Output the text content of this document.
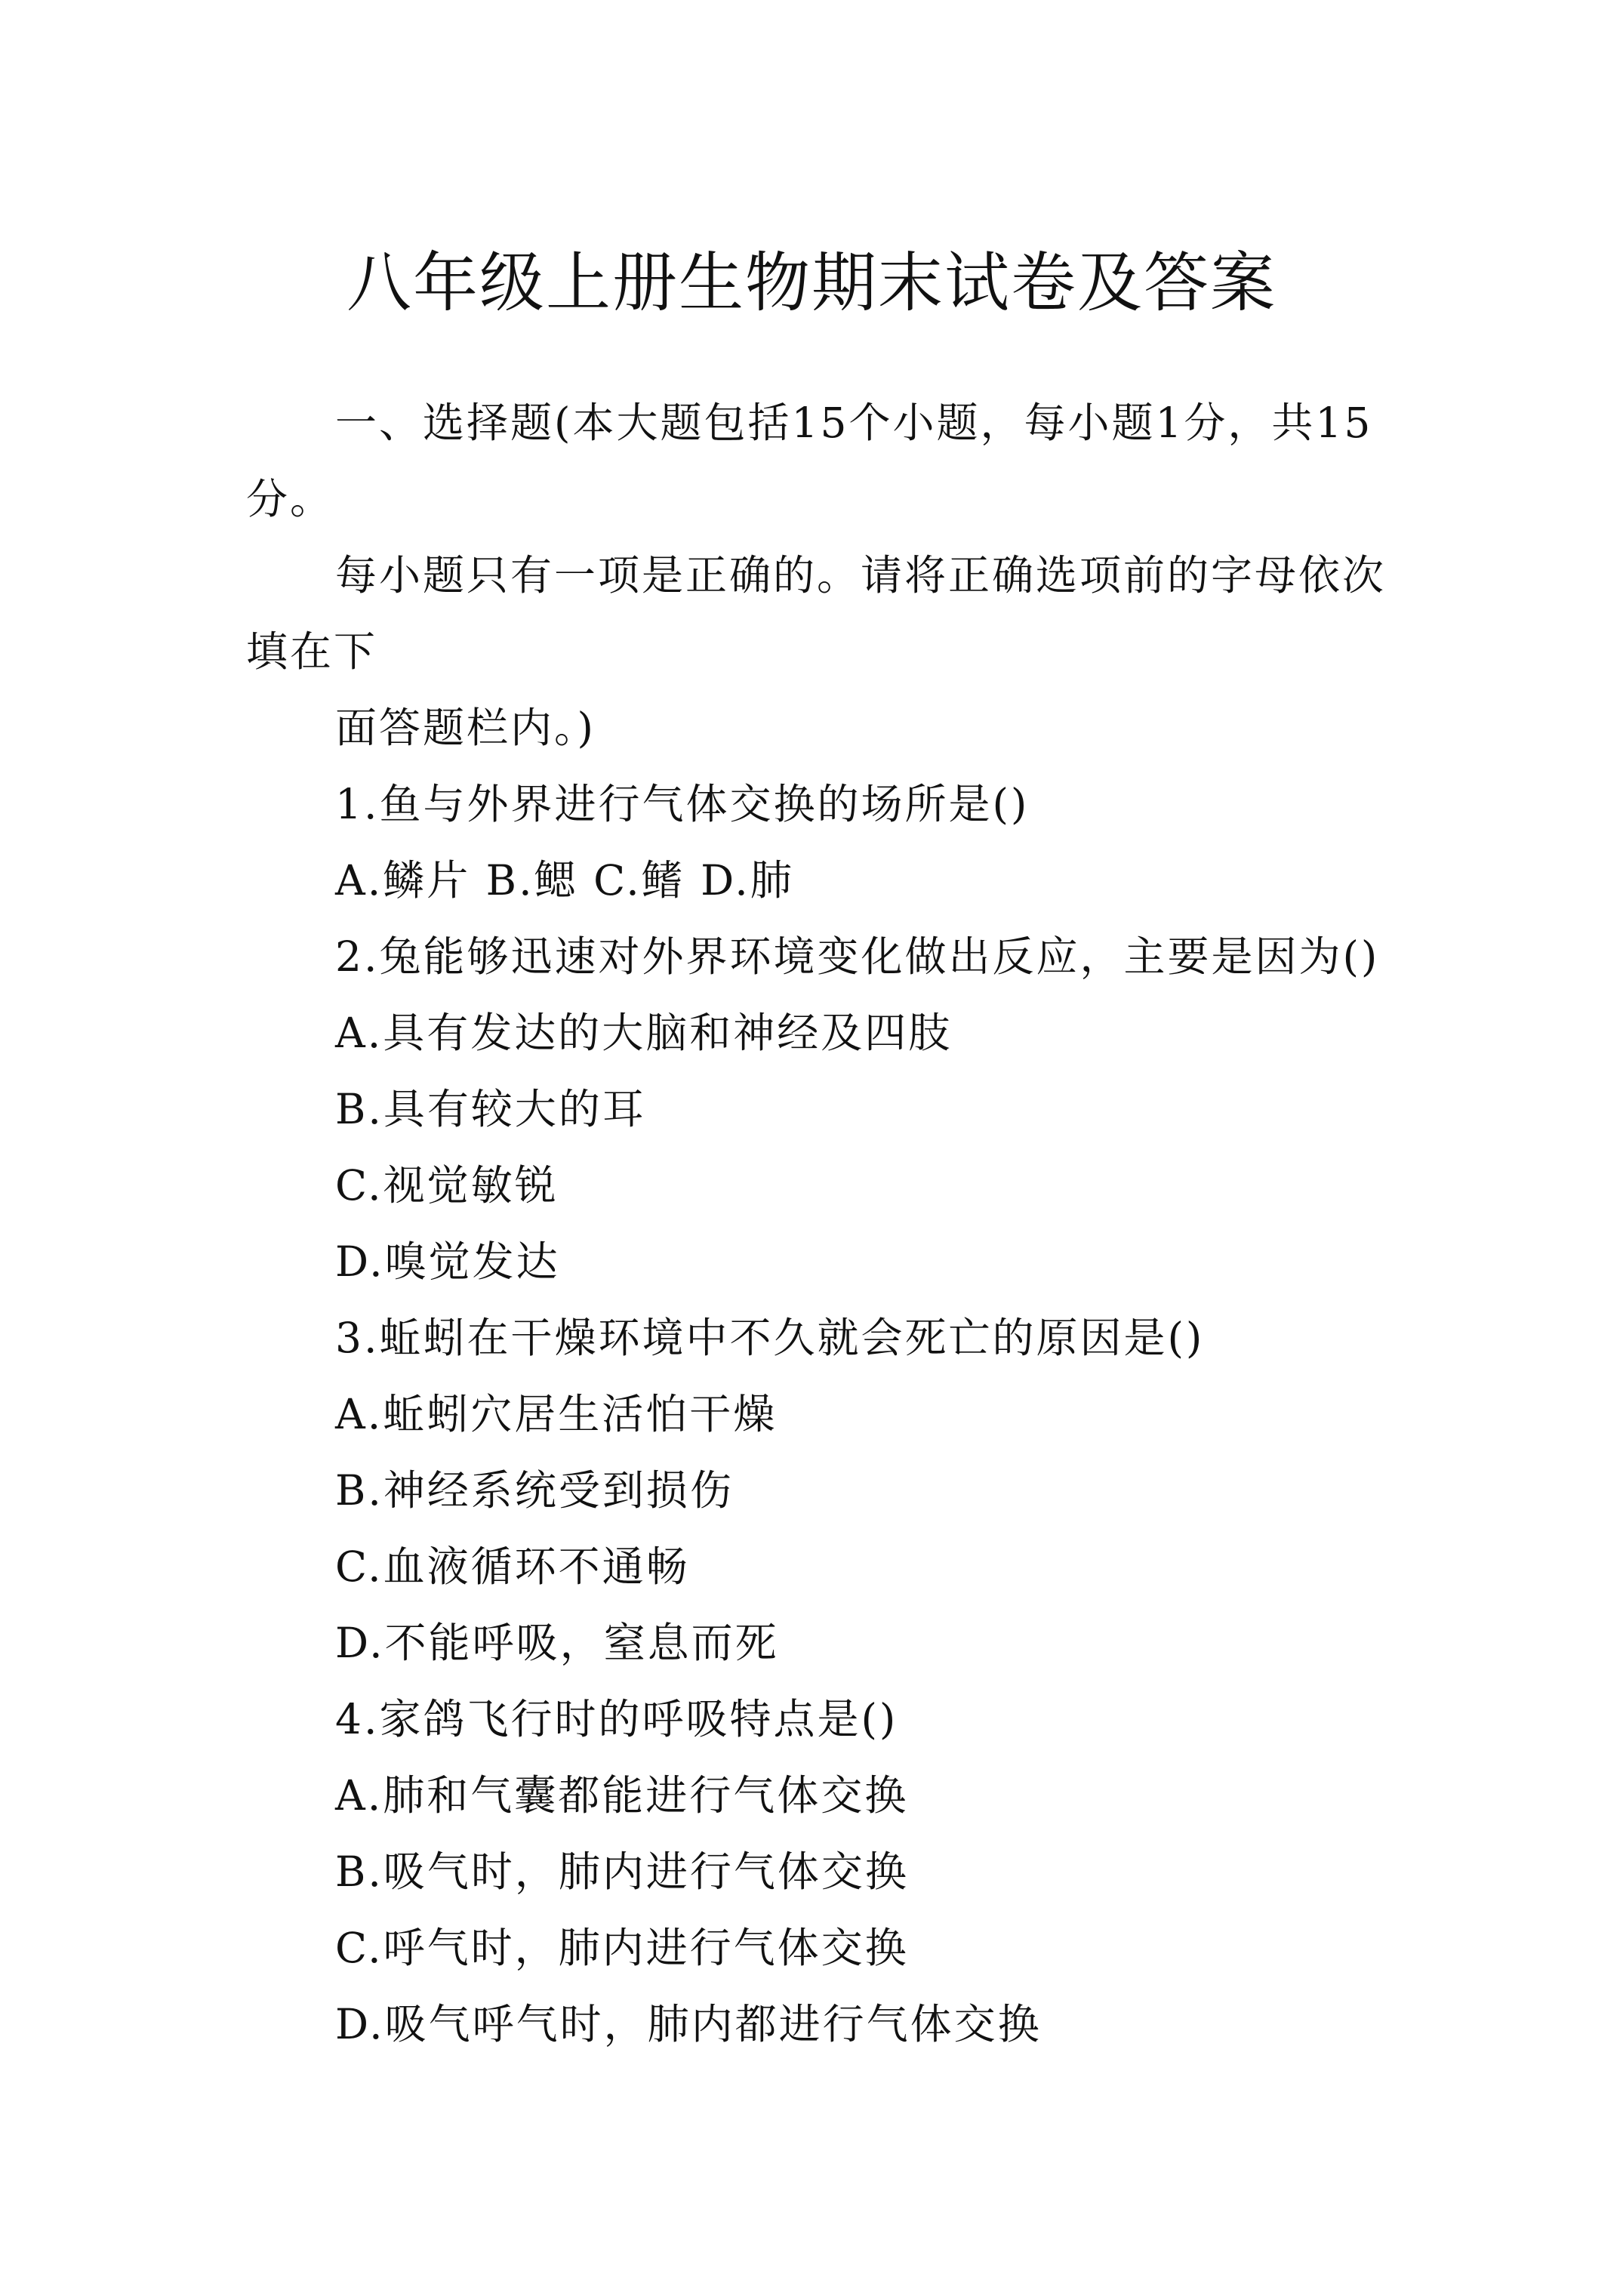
八年级上册生物期末试卷及答案

一、选择题(本大题包括15个小题，每小题1分，共15分。

每小题只有一项是正确的。请将正确选项前的字母依次填在下

面答题栏内。)

1.鱼与外界进行气体交换的场所是()

A.鳞片 B.鳃 C.鳍 D.肺

2.兔能够迅速对外界环境变化做出反应，主要是因为()

A.具有发达的大脑和神经及四肢

B.具有较大的耳

C.视觉敏锐

D.嗅觉发达

3.蚯蚓在干燥环境中不久就会死亡的原因是()

A.蚯蚓穴居生活怕干燥

B.神经系统受到损伤

C.血液循环不通畅

D.不能呼吸，窒息而死

4.家鸽飞行时的呼吸特点是()

A.肺和气囊都能进行气体交换

B.吸气时，肺内进行气体交换

C.呼气时，肺内进行气体交换

D.吸气呼气时，肺内都进行气体交换
